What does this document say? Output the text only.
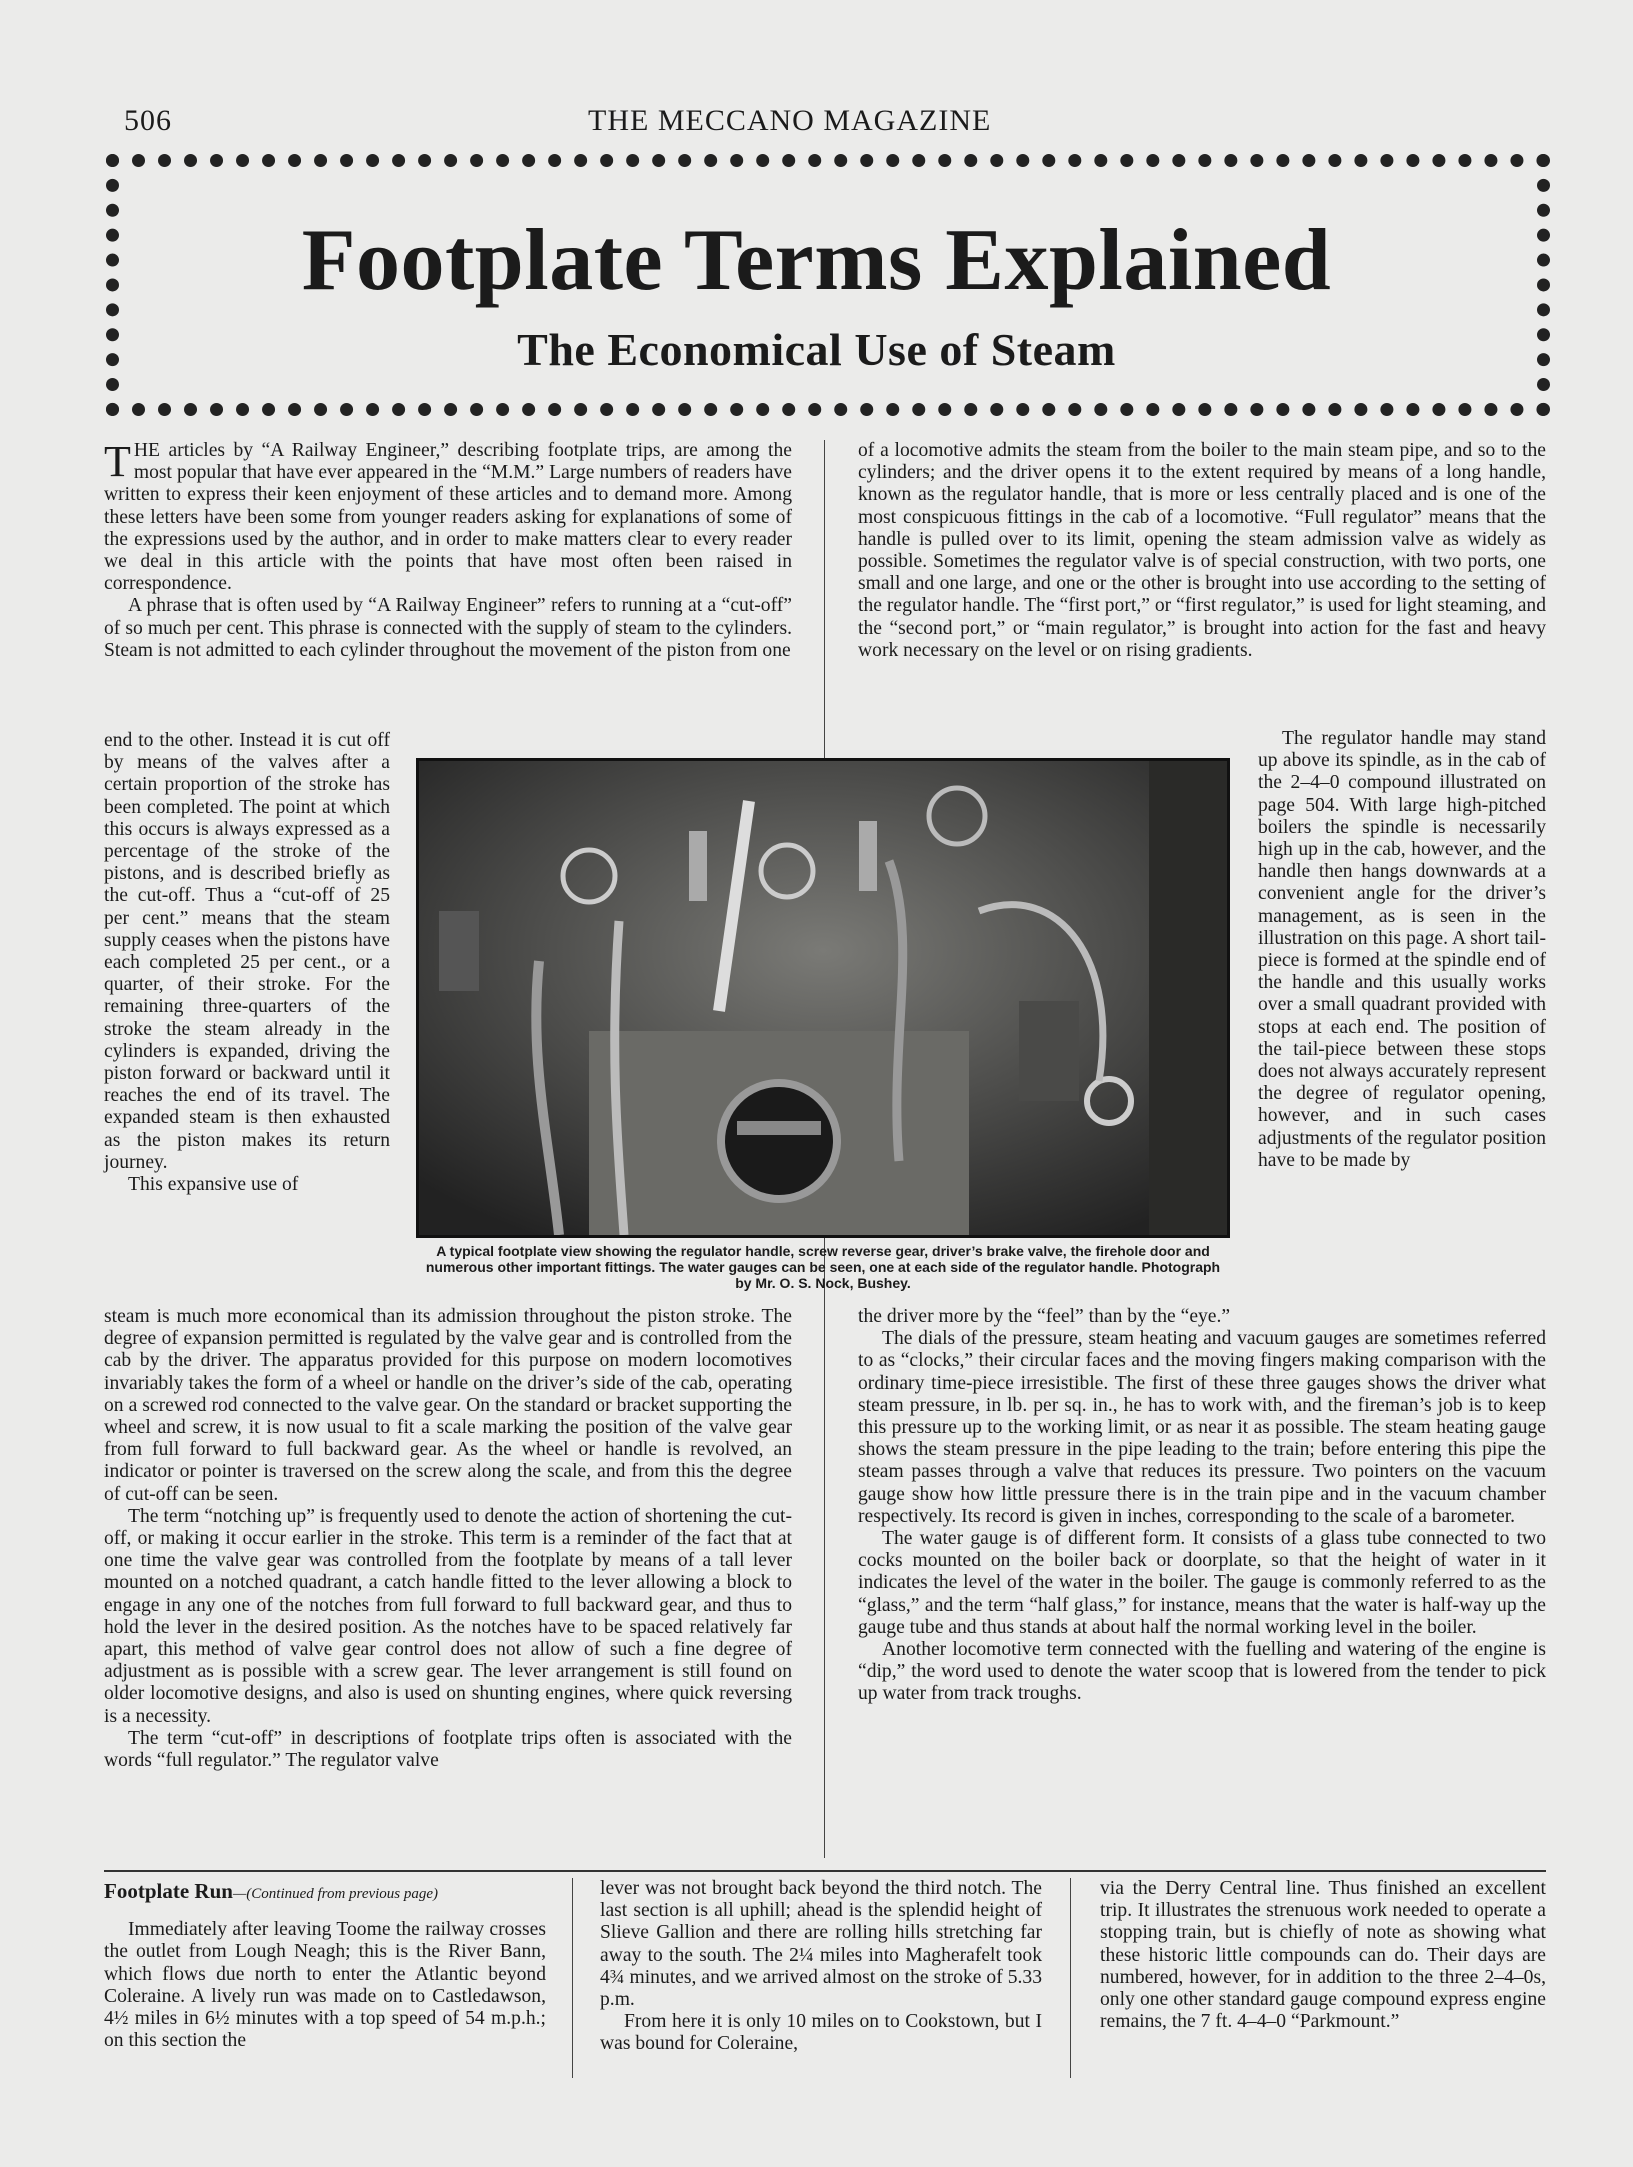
506	THE MECCANO MAGAZINE
Footplate Terms Explained
The Economical Use of Steam

THE articles by “A Railway Engineer,” describing footplate trips, are among the most popular that have ever appeared in the “M.M.” Large numbers of readers have written to express their keen enjoyment of these articles and to demand more. Among these letters have been some from younger readers asking for explanations of some of the expressions used by the author, and in order to make matters clear to every reader we deal in this article with the points that have most often been raised in correspondence.

A phrase that is often used by “A Railway Engineer” refers to running at a “cut-off” of so much per cent. This phrase is connected with the supply of steam to the cylinders. Steam is not admitted to each cylinder throughout the movement of the piston from one

end to the other. Instead it is cut off by means of the valves after a certain proportion of the stroke has been completed. The point at which this occurs is always expressed as a percentage of the stroke of the pistons, and is described briefly as the cut-off. Thus a “cut-off of 25 per cent.” means that the steam supply ceases when the pistons have each completed 25 per cent., or a quarter, of their stroke. For the remaining three-quarters of the stroke the steam already in the cylinders is expanded, driving the piston forward or backward until it reaches the end of its travel. The expanded steam is then exhausted as the piston makes its return journey.

This expansive use of

steam is much more economical than its admission throughout the piston stroke. The degree of expansion permitted is regulated by the valve gear and is controlled from the cab by the driver. The apparatus provided for this purpose on modern locomotives invariably takes the form of a wheel or handle on the driver’s side of the cab, operating on a screwed rod connected to the valve gear. On the standard or bracket supporting the wheel and screw, it is now usual to fit a scale marking the position of the valve gear from full forward to full backward gear. As the wheel or handle is revolved, an indicator or pointer is traversed on the screw along the scale, and from this the degree of cut-off can be seen.

The term “notching up” is frequently used to denote the action of shortening the cut-off, or making it occur earlier in the stroke. This term is a reminder of the fact that at one time the valve gear was controlled from the footplate by means of a tall lever mounted on a notched quadrant, a catch handle fitted to the lever allowing a block to engage in any one of the notches from full forward to full backward gear, and thus to hold the lever in the desired position. As the notches have to be spaced relatively far apart, this method of valve gear control does not allow of such a fine degree of adjustment as is possible with a screw gear. The lever arrangement is still found on older locomotive designs, and also is used on shunting engines, where quick reversing is a necessity.

The term “cut-off” in descriptions of footplate trips often is associated with the words “full regulator.” The regulator valve

of a locomotive admits the steam from the boiler to the main steam pipe, and so to the cylinders; and the driver opens it to the extent required by means of a long handle, known as the regulator handle, that is more or less centrally placed and is one of the most conspicuous fittings in the cab of a locomotive. “Full regulator” means that the handle is pulled over to its limit, opening the steam admission valve as widely as possible. Sometimes the regulator valve is of special construction, with two ports, one small and one large, and one or the other is brought into use according to the setting of the regulator handle. The “first port,” or “first regulator,” is used for light steaming, and the “second port,” or “main regulator,” is brought into action for the fast and heavy work necessary on the level or on rising gradients.

The regulator handle may stand up above its spindle, as in the cab of the 2–4–0 compound illustrated on page 504. With large high-pitched boilers the spindle is necessarily high up in the cab, however, and the handle then hangs downwards at a convenient angle for the driver’s management, as is seen in the illustration on this page. A short tail-piece is formed at the spindle end of the handle and this usually works over a small quadrant provided with stops at each end. The position of the tail-piece between these stops does not always accurately represent the degree of regulator opening, however, and in such cases adjustments of the regulator position have to be made by

the driver more by the “feel” than by the “eye.”

The dials of the pressure, steam heating and vacuum gauges are sometimes referred to as “clocks,” their circular faces and the moving fingers making comparison with the ordinary time-piece irresistible. The first of these three gauges shows the driver what steam pressure, in lb. per sq. in., he has to work with, and the fireman’s job is to keep this pressure up to the working limit, or as near it as possible. The steam heating gauge shows the steam pressure in the pipe leading to the train; before entering this pipe the steam passes through a valve that reduces its pressure. Two pointers on the vacuum gauge show how little pressure there is in the train pipe and in the vacuum chamber respectively. Its record is given in inches, corresponding to the scale of a barometer.

The water gauge is of different form. It consists of a glass tube connected to two cocks mounted on the boiler back or doorplate, so that the height of water in it indicates the level of the water in the boiler. The gauge is commonly referred to as the “glass,” and the term “half glass,” for instance, means that the water is half-way up the gauge tube and thus stands at about half the normal working level in the boiler.

Another locomotive term connected with the fuelling and watering of the engine is “dip,” the word used to denote the water scoop that is lowered from the tender to pick up water from track troughs.

A typical footplate view showing the regulator handle, screw reverse gear, driver’s brake valve, the firehole door and numerous other important fittings. The water gauges can be seen, one at each side of the regulator handle. Photograph by Mr. O. S. Nock, Bushey.

Footplate Run—(Continued from previous page)

Immediately after leaving Toome the railway crosses the outlet from Lough Neagh; this is the River Bann, which flows due north to enter the Atlantic beyond Coleraine. A lively run was made on to Castledawson, 4½ miles in 6½ minutes with a top speed of 54 m.p.h.; on this section the

lever was not brought back beyond the third notch. The last section is all uphill; ahead is the splendid height of Slieve Gallion and there are rolling hills stretching far away to the south. The 2¼ miles into Magherafelt took 4¾ minutes, and we arrived almost on the stroke of 5.33 p.m.

From here it is only 10 miles on to Cookstown, but I was bound for Coleraine,

via the Derry Central line. Thus finished an excellent trip. It illustrates the strenuous work needed to operate a stopping train, but is chiefly of note as showing what these historic little compounds can do. Their days are numbered, however, for in addition to the three 2–4–0s, only one other standard gauge compound express engine remains, the 7 ft. 4–4–0 “Parkmount.”
